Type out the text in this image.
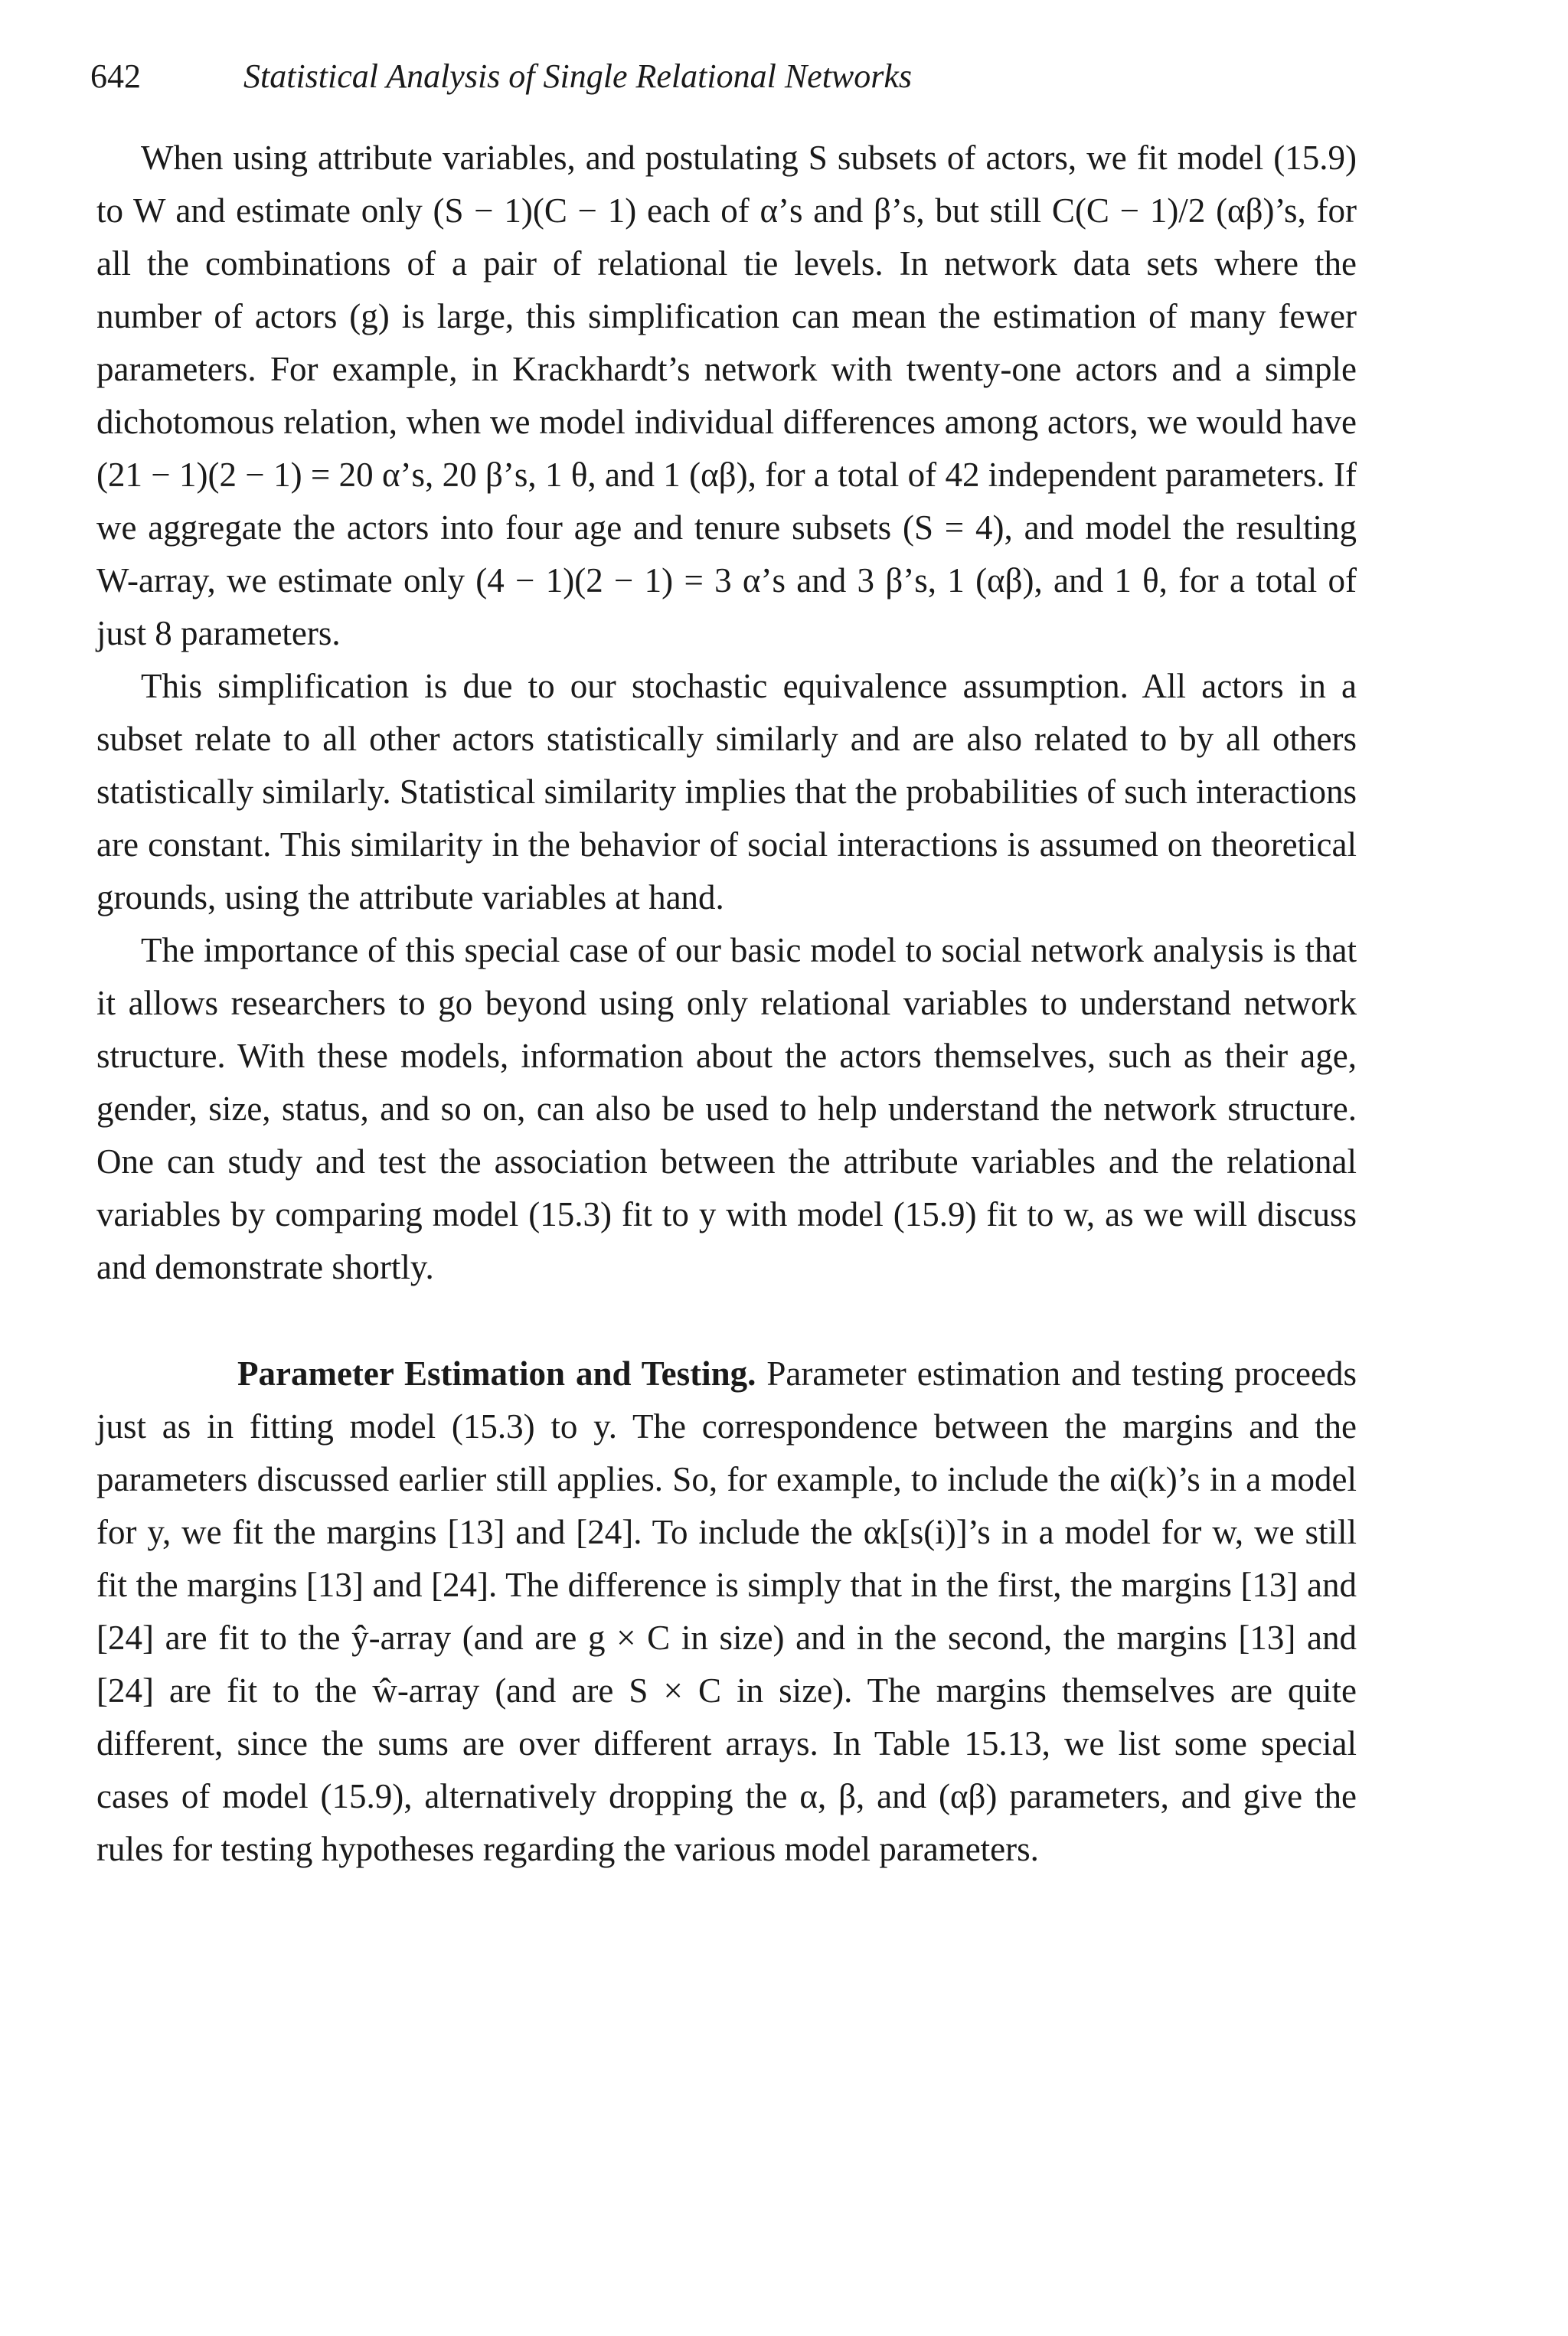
642	Statistical Analysis of Single Relational Networks

When using attribute variables, and postulating S subsets of actors, we fit model (15.9) to W and estimate only (S − 1)(C − 1) each of α’s and β’s, but still C(C − 1)/2 (αβ)’s, for all the combinations of a pair of relational tie levels. In network data sets where the number of actors (g) is large, this simplification can mean the estimation of many fewer parameters. For example, in Krackhardt’s network with twenty-one actors and a simple dichotomous relation, when we model individual differences among actors, we would have (21 − 1)(2 − 1) = 20 α’s, 20 β’s, 1 θ, and 1 (αβ), for a total of 42 independent parameters. If we aggregate the actors into four age and tenure subsets (S = 4), and model the resulting W-array, we estimate only (4 − 1)(2 − 1) = 3 α’s and 3 β’s, 1 (αβ), and 1 θ, for a total of just 8 parameters.

This simplification is due to our stochastic equivalence assumption. All actors in a subset relate to all other actors statistically similarly and are also related to by all others statistically similarly. Statistical similarity implies that the probabilities of such interactions are constant. This similarity in the behavior of social interactions is assumed on theoretical grounds, using the attribute variables at hand.

The importance of this special case of our basic model to social network analysis is that it allows researchers to go beyond using only relational variables to understand network structure. With these models, information about the actors themselves, such as their age, gender, size, status, and so on, can also be used to help understand the network structure. One can study and test the association between the attribute variables and the relational variables by comparing model (15.3) fit to y with model (15.9) fit to w, as we will discuss and demonstrate shortly.

Parameter Estimation and Testing. Parameter estimation and testing proceeds just as in fitting model (15.3) to y. The correspondence between the margins and the parameters discussed earlier still applies. So, for example, to include the αi(k)’s in a model for y, we fit the margins [13] and [24]. To include the αk[s(i)]’s in a model for w, we still fit the margins [13] and [24]. The difference is simply that in the first, the margins [13] and [24] are fit to the ŷ-array (and are g × C in size) and in the second, the margins [13] and [24] are fit to the ŵ-array (and are S × C in size). The margins themselves are quite different, since the sums are over different arrays. In Table 15.13, we list some special cases of model (15.9), alternatively dropping the α, β, and (αβ) parameters, and give the rules for testing hypotheses regarding the various model parameters.
